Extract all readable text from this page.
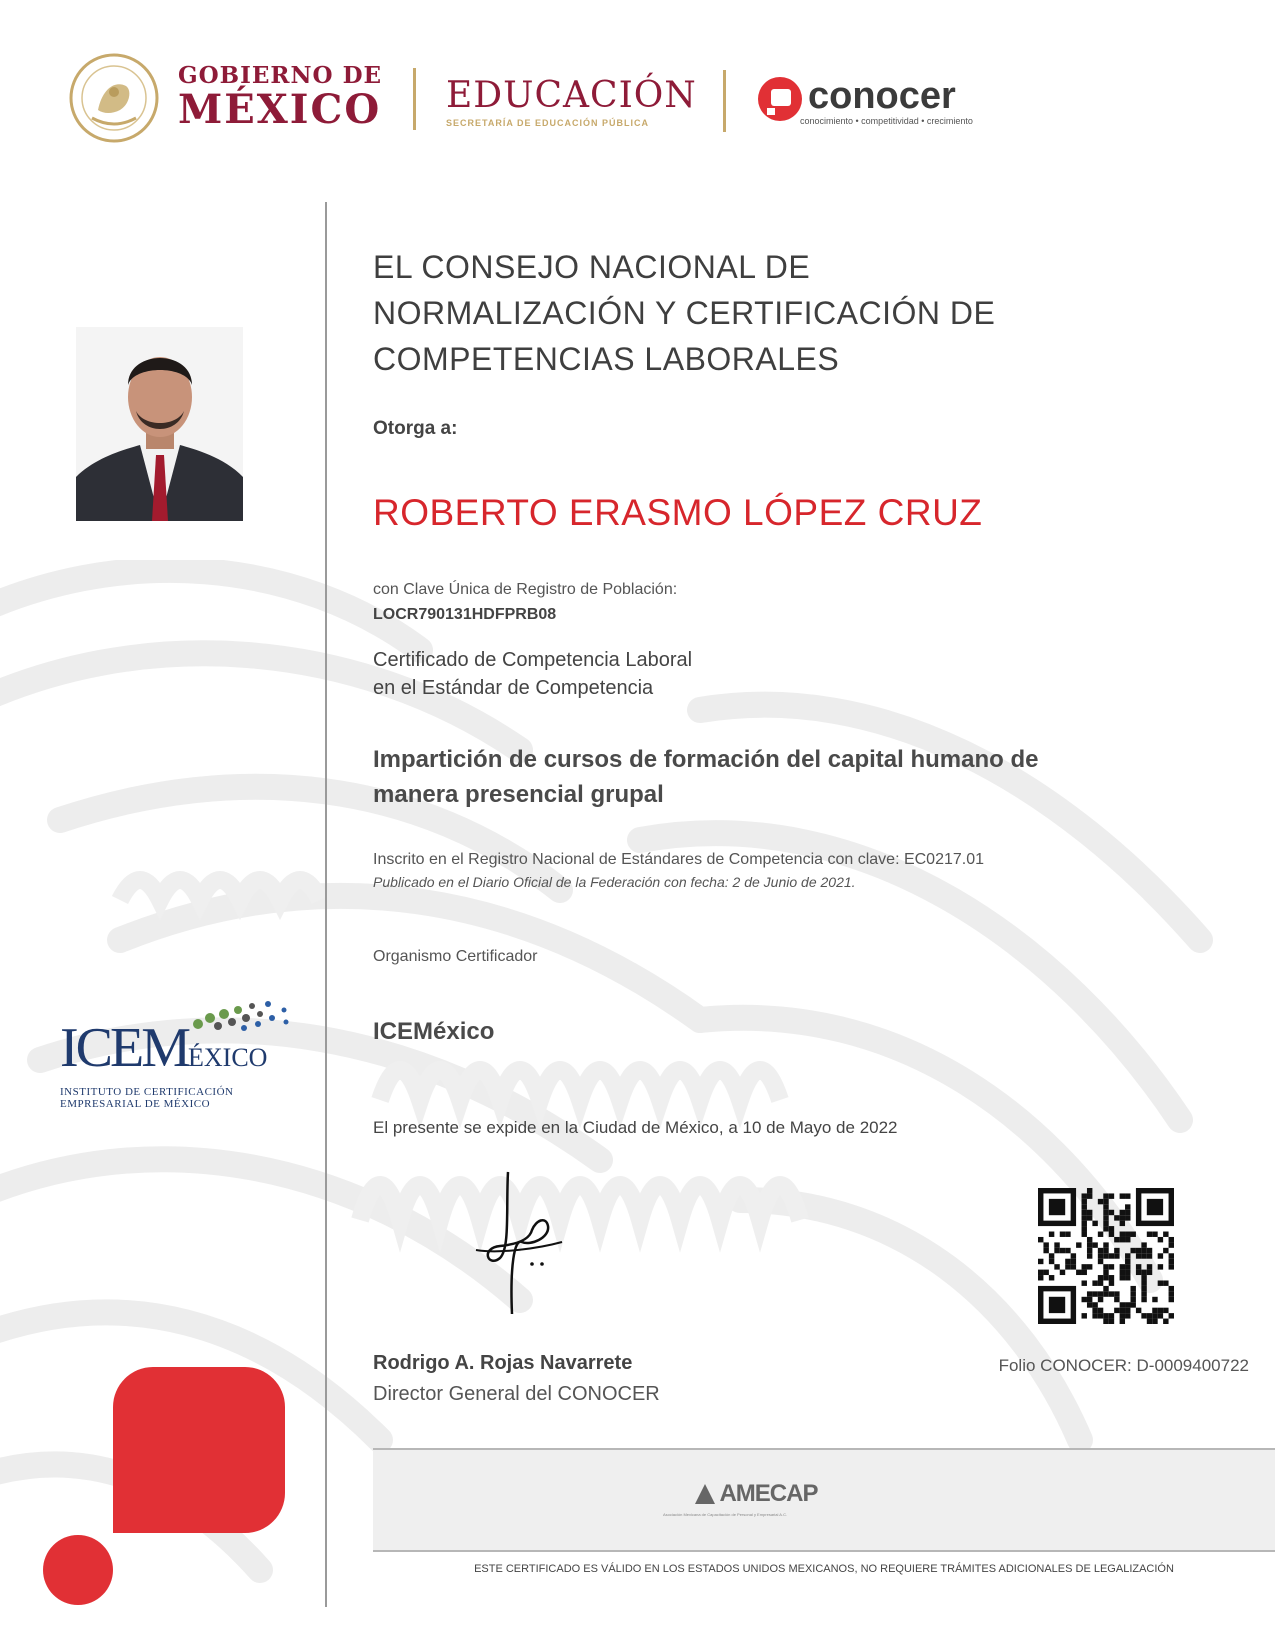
GOBIERNO DE
MÉXICO EDUCACIÓN
SECRETARÍA DE EDUCACIÓN PÚBLICA
conocer
conocimiento • competitividad • crecimiento
ICEMÉXICO
INSTITUTO DE CERTIFICACIÓN
EMPRESARIAL DE MÉXICO
EL CONSEJO NACIONAL DE
NORMALIZACIÓN Y CERTIFICACIÓN DE
COMPETENCIAS LABORALES
Otorga a:
ROBERTO ERASMO LÓPEZ CRUZ
con Clave Única de Registro de Población:
LOCR790131HDFPRB08
Certificado de Competencia Laboral
en el Estándar de Competencia
Impartición de cursos de formación del capital humano de
manera presencial grupal
Inscrito en el Registro Nacional de Estándares de Competencia con clave: EC0217.01
Publicado en el Diario Oficial de la Federación con fecha: 2 de Junio de 2021.
Organismo Certificador
ICEMéxico
El presente se expide en la Ciudad de México, a 10 de Mayo de 2022
Rodrigo A. Rojas Navarrete
Director General del CONOCER
Folio CONOCER: D-0009400722
AMECAP
Asociación Mexicana de Capacitación de Personal y Empresarial A.C.
ESTE CERTIFICADO ES VÁLIDO EN LOS ESTADOS UNIDOS MEXICANOS, NO REQUIERE TRÁMITES ADICIONALES DE LEGALIZACIÓN
